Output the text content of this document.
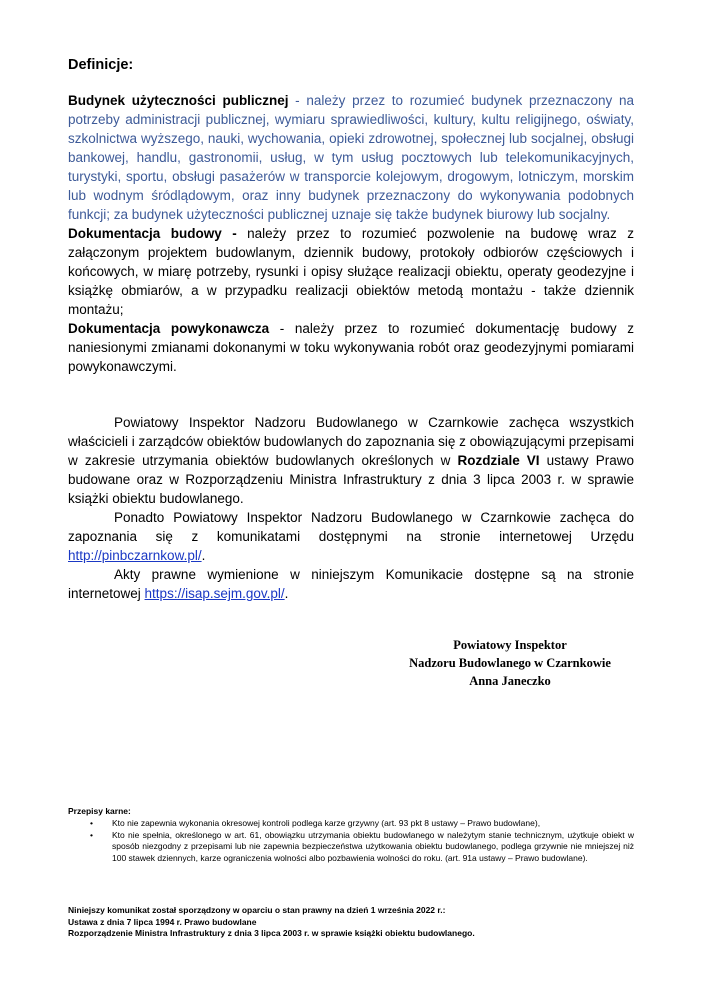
Definicje:

Budynek użyteczności publicznej - należy przez to rozumieć budynek przeznaczony na potrzeby administracji publicznej, wymiaru sprawiedliwości, kultury, kultu religijnego, oświaty, szkolnictwa wyższego, nauki, wychowania, opieki zdrowotnej, społecznej lub socjalnej, obsługi bankowej, handlu, gastronomii, usług, w tym usług pocztowych lub telekomunikacyjnych, turystyki, sportu, obsługi pasażerów w transporcie kolejowym, drogowym, lotniczym, morskim lub wodnym śródlądowym, oraz inny budynek przeznaczony do wykonywania podobnych funkcji; za budynek użyteczności publicznej uznaje się także budynek biurowy lub socjalny.

Dokumentacja budowy - należy przez to rozumieć pozwolenie na budowę wraz z załączonym projektem budowlanym, dziennik budowy, protokoły odbiorów częściowych i końcowych, w miarę potrzeby, rysunki i opisy służące realizacji obiektu, operaty geodezyjne i książkę obmiarów, a w przypadku realizacji obiektów metodą montażu - także dziennik montażu;

Dokumentacja powykonawcza - należy przez to rozumieć dokumentację budowy z naniesionymi zmianami dokonanymi w toku wykonywania robót oraz geodezyjnymi pomiarami powykonawczymi.

Powiatowy Inspektor Nadzoru Budowlanego w Czarnkowie zachęca wszystkich właścicieli i zarządców obiektów budowlanych do zapoznania się z obowiązującymi przepisami w zakresie utrzymania obiektów budowlanych określonych w Rozdziale VI ustawy Prawo budowane oraz w Rozporządzeniu Ministra Infrastruktury z dnia 3 lipca 2003 r. w sprawie książki obiektu budowlanego.

Ponadto Powiatowy Inspektor Nadzoru Budowlanego w Czarnkowie zachęca do zapoznania się z komunikatami dostępnymi na stronie internetowej Urzędu http://pinbczarnkow.pl/.

Akty prawne wymienione w niniejszym Komunikacie dostępne są na stronie internetowej https://isap.sejm.gov.pl/.

Powiatowy Inspektor
Nadzoru Budowlanego w Czarnkowie
Anna Janeczko

Przepisy karne:

• Kto nie zapewnia wykonania okresowej kontroli podlega karze grzywny (art. 93 pkt 8 ustawy – Prawo budowlane),
• Kto nie spełnia, określonego w art. 61, obowiązku utrzymania obiektu budowlanego w należytym stanie technicznym, użytkuje obiekt w sposób niezgodny z przepisami lub nie zapewnia bezpieczeństwa użytkowania obiektu budowlanego, podlega grzywnie nie mniejszej niż 100 stawek dziennych, karze ograniczenia wolności albo pozbawienia wolności do roku. (art. 91a ustawy – Prawo budowlane).
Niniejszy komunikat został sporządzony w oparciu o stan prawny na dzień 1 września 2022 r.:
Ustawa z dnia 7 lipca 1994 r. Prawo budowlane
Rozporządzenie Ministra Infrastruktury z dnia 3 lipca 2003 r. w sprawie książki obiektu budowlanego.
